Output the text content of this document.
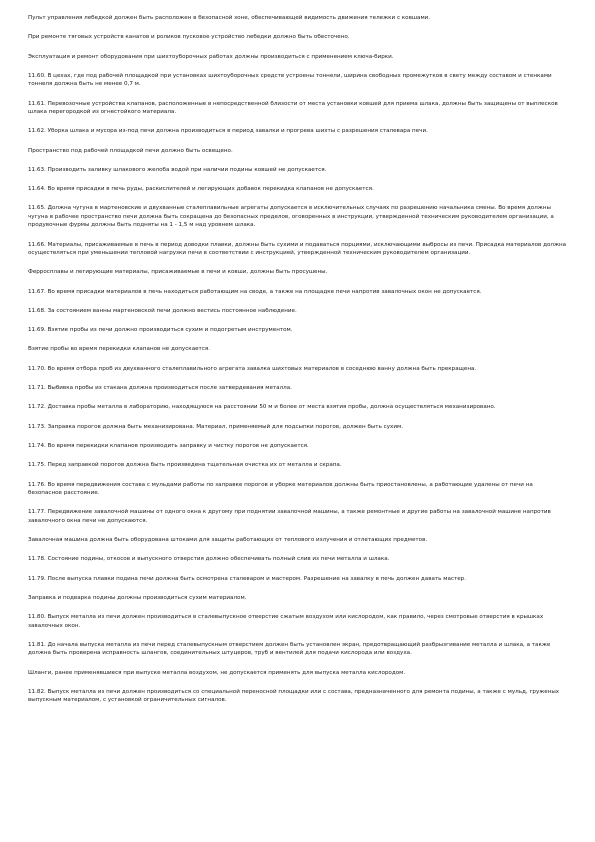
Пульт управления лебедкой должен быть расположен в безопасной зоне, обеспечивающей видимость движения тележки с ковшами.

При ремонте тяговых устройств канатов и роликов пусковое устройство лебедки должно быть обесточено.

Эксплуатация и ремонт оборудования при шихтоуборочных работах должны производиться с применением ключа-бирки.

11.60. В цехах, где под рабочей площадкой при установках шихтоуборочных средств устроены тоннели, ширина свободных промежутков в свету между составом и стенками тоннеля должна быть не менее 0,7 м.

11.61. Перевозочные устройства клапанов, расположенные в непосредственной близости от места установки ковшей для приема шлака, должны быть защищены от выплесков шлака перегородкой из огнестойкого материала.

11.62. Уборка шлака и мусора из-под печи должна производиться в период завалки и прогрева шихты с разрешения сталевара печи.

Пространство под рабочей площадкой печи должно быть освещено.

11.63. Производить заливку шлакового желоба водой при наличии подины ковшей не допускается.

11.64. Во время присадки в печь руды, раскислителей и легирующих добавок перекидка клапанов не допускается.

11.65. Должна чугуна в мартеновские и двухванные сталеплавильные агрегаты допускается в исключительных случаях по разрешению начальника смены. Во время должны чугуна в рабочее пространство печи должна быть сокращена до безопасных пределов, оговоренных в инструкции, утвержденной техническим руководителем организации, а продувочные фурмы должны быть подняты на 1 - 1,5 м над уровнем шлака.

11.66. Материалы, присаживаемые в печь в период доводки плавки, должны быть сухими и подаваться порциями, исключающими выбросы из печи. Присадка материалов должна осуществляться при уменьшении тепловой нагрузки печи в соответствии с инструкцией, утвержденной техническим руководителем организации.

Ферросплавы и легирующие материалы, присаживаемые в печи и ковши, должны быть просушены.

11.67. Во время присадки материалов в печь находиться работающим на своде, а также на площадке печи напротив завалочных окон не допускается.

11.68. За состоянием ванны мартеновской печи должно вестись постоянное наблюдение.

11.69. Взятие пробы из печи должно производиться сухим и подогретым инструментом.

Взятие пробы во время перекидки клапанов не допускается.

11.70. Во время отбора проб из двухванного сталеплавильного агрегата завалка шихтовых материалов в соседнюю ванну должна быть прекращена.

11.71. Выбивка пробы из стакана должна производиться после затвердевания металла.

11.72. Доставка пробы металла в лабораторию, находящуюся на расстоянии 50 м и более от места взятия пробы, должна осуществляться механизировано.

11.73. Заправка порогов должна быть механизирована. Материал, применяемый для подсыпки порогов, должен быть сухим.

11.74. Во время перекидки клапанов производить заправку и чистку порогов не допускается.

11.75. Перед заправкой порогов должна быть произведена тщательная очистка их от металла и скрапа.

11.76. Во время передвижения состава с мульдами работы по заправке порогов и уборке материалов должны быть приостановлены, а работающие удалены от печи на безопасное расстояние.

11.77. Передвижение завалочной машины от одного окна к другому при поднятии завалочной машины, а также ремонтные и другие работы на завалочной машине напротив завалочного окна печи не допускаются.

Завалочная машина должна быть оборудована штоками для защиты работающих от теплового излучения и отлетающих предметов.

11.78. Состояние подины, откосов и выпускного отверстия должно обеспечивать полный слив из печи металла и шлака.

11.79. После выпуска плавки подина печи должна быть осмотрена сталеваром и мастером. Разрешение на завалку в печь должен давать мастер.

Заправка и подварка подины должны производиться сухим материалом.

11.80. Выпуск металла из печи должен производиться в сталевыпускное отверстие сжатым воздухом или кислородом, как правило, через смотровые отверстия в крышках завалочных окон.

11.81. До начала выпуска металла из печи перед сталевыпускным отверстием должен быть установлен экран, предотвращающий разбрызгивание металла и шлака, а также должна быть проверена исправность шлангов, соединительных штуцеров, труб и вентилей для подачи кислорода или воздуха.

Шланги, ранее применявшиеся при выпуске металла воздухом, не допускается применять для выпуска металла кислородом.

11.82. Выпуск металла из печи должен производиться со специальной переносной площадки или с состава, предназначенного для ремонта подины, а также с мульд, груженых выпускным материалом, с установкой ограничительных сигналов.
